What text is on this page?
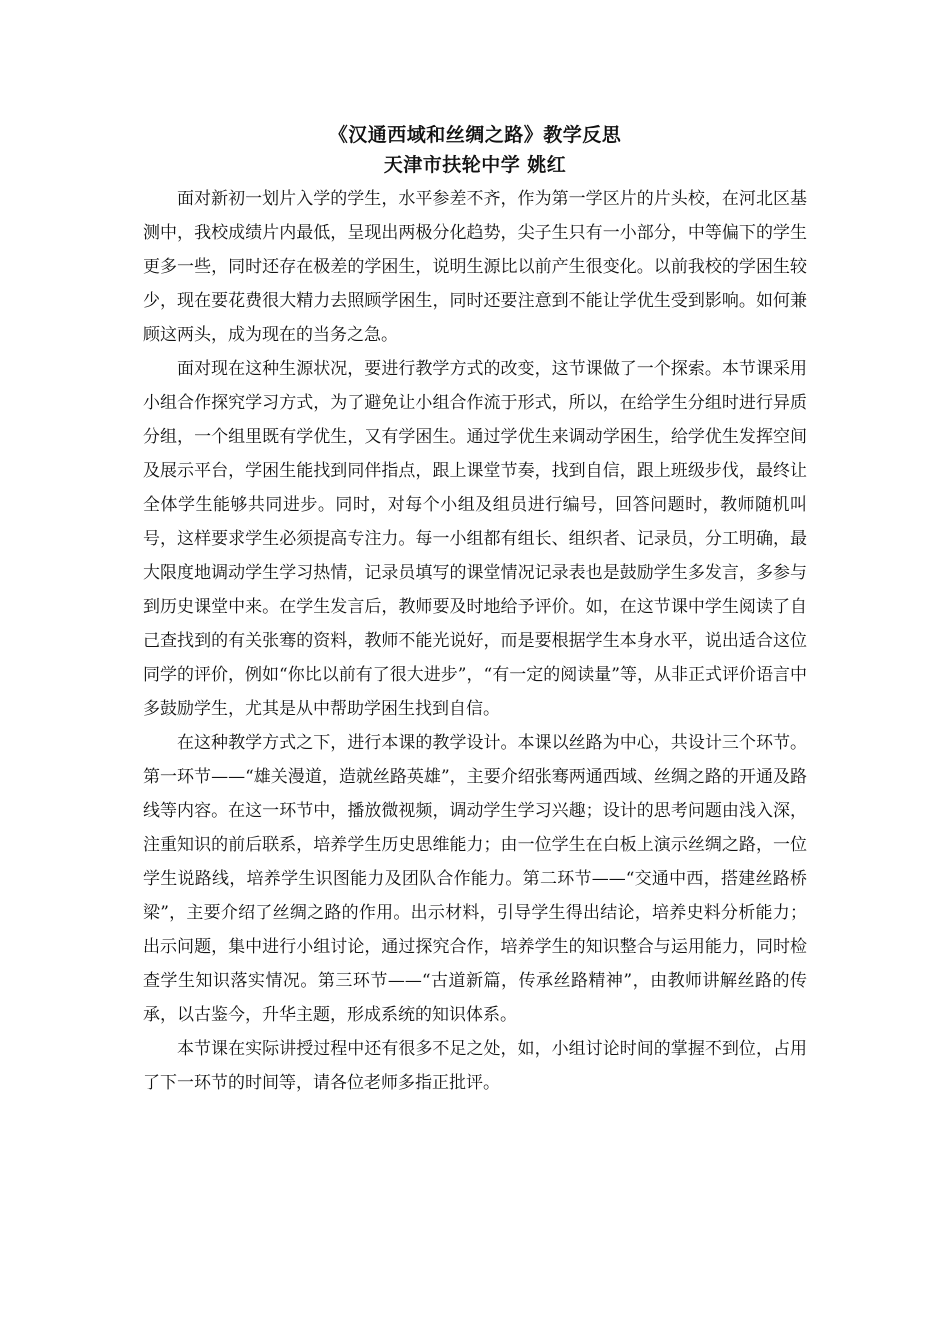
《汉通西域和丝绸之路》教学反思
天津市扶轮中学 姚红

面对新初一划片入学的学生，水平参差不齐，作为第一学区片的片头校，在河北区基测中，我校成绩片内最低，呈现出两极分化趋势，尖子生只有一小部分，中等偏下的学生更多一些，同时还存在极差的学困生，说明生源比以前产生很变化。以前我校的学困生较少，现在要花费很大精力去照顾学困生，同时还要注意到不能让学优生受到影响。如何兼顾这两头，成为现在的当务之急。

面对现在这种生源状况，要进行教学方式的改变，这节课做了一个探索。本节课采用小组合作探究学习方式，为了避免让小组合作流于形式，所以，在给学生分组时进行异质分组，一个组里既有学优生，又有学困生。通过学优生来调动学困生，给学优生发挥空间及展示平台，学困生能找到同伴指点，跟上课堂节奏，找到自信，跟上班级步伐，最终让全体学生能够共同进步。同时，对每个小组及组员进行编号，回答问题时，教师随机叫号，这样要求学生必须提高专注力。每一小组都有组长、组织者、记录员，分工明确，最大限度地调动学生学习热情，记录员填写的课堂情况记录表也是鼓励学生多发言，多参与到历史课堂中来。在学生发言后，教师要及时地给予评价。如，在这节课中学生阅读了自己查找到的有关张骞的资料，教师不能光说好，而是要根据学生本身水平，说出适合这位同学的评价，例如“你比以前有了很大进步”，“有一定的阅读量”等，从非正式评价语言中多鼓励学生，尤其是从中帮助学困生找到自信。

在这种教学方式之下，进行本课的教学设计。本课以丝路为中心，共设计三个环节。第一环节——“雄关漫道，造就丝路英雄”，主要介绍张骞两通西域、丝绸之路的开通及路线等内容。在这一环节中，播放微视频，调动学生学习兴趣；设计的思考问题由浅入深，注重知识的前后联系，培养学生历史思维能力；由一位学生在白板上演示丝绸之路，一位学生说路线，培养学生识图能力及团队合作能力。第二环节——“交通中西，搭建丝路桥梁”，主要介绍了丝绸之路的作用。出示材料，引导学生得出结论，培养史料分析能力；出示问题，集中进行小组讨论，通过探究合作，培养学生的知识整合与运用能力，同时检查学生知识落实情况。第三环节——“古道新篇，传承丝路精神”，由教师讲解丝路的传承，以古鉴今，升华主题，形成系统的知识体系。

本节课在实际讲授过程中还有很多不足之处，如，小组讨论时间的掌握不到位，占用了下一环节的时间等，请各位老师多指正批评。
